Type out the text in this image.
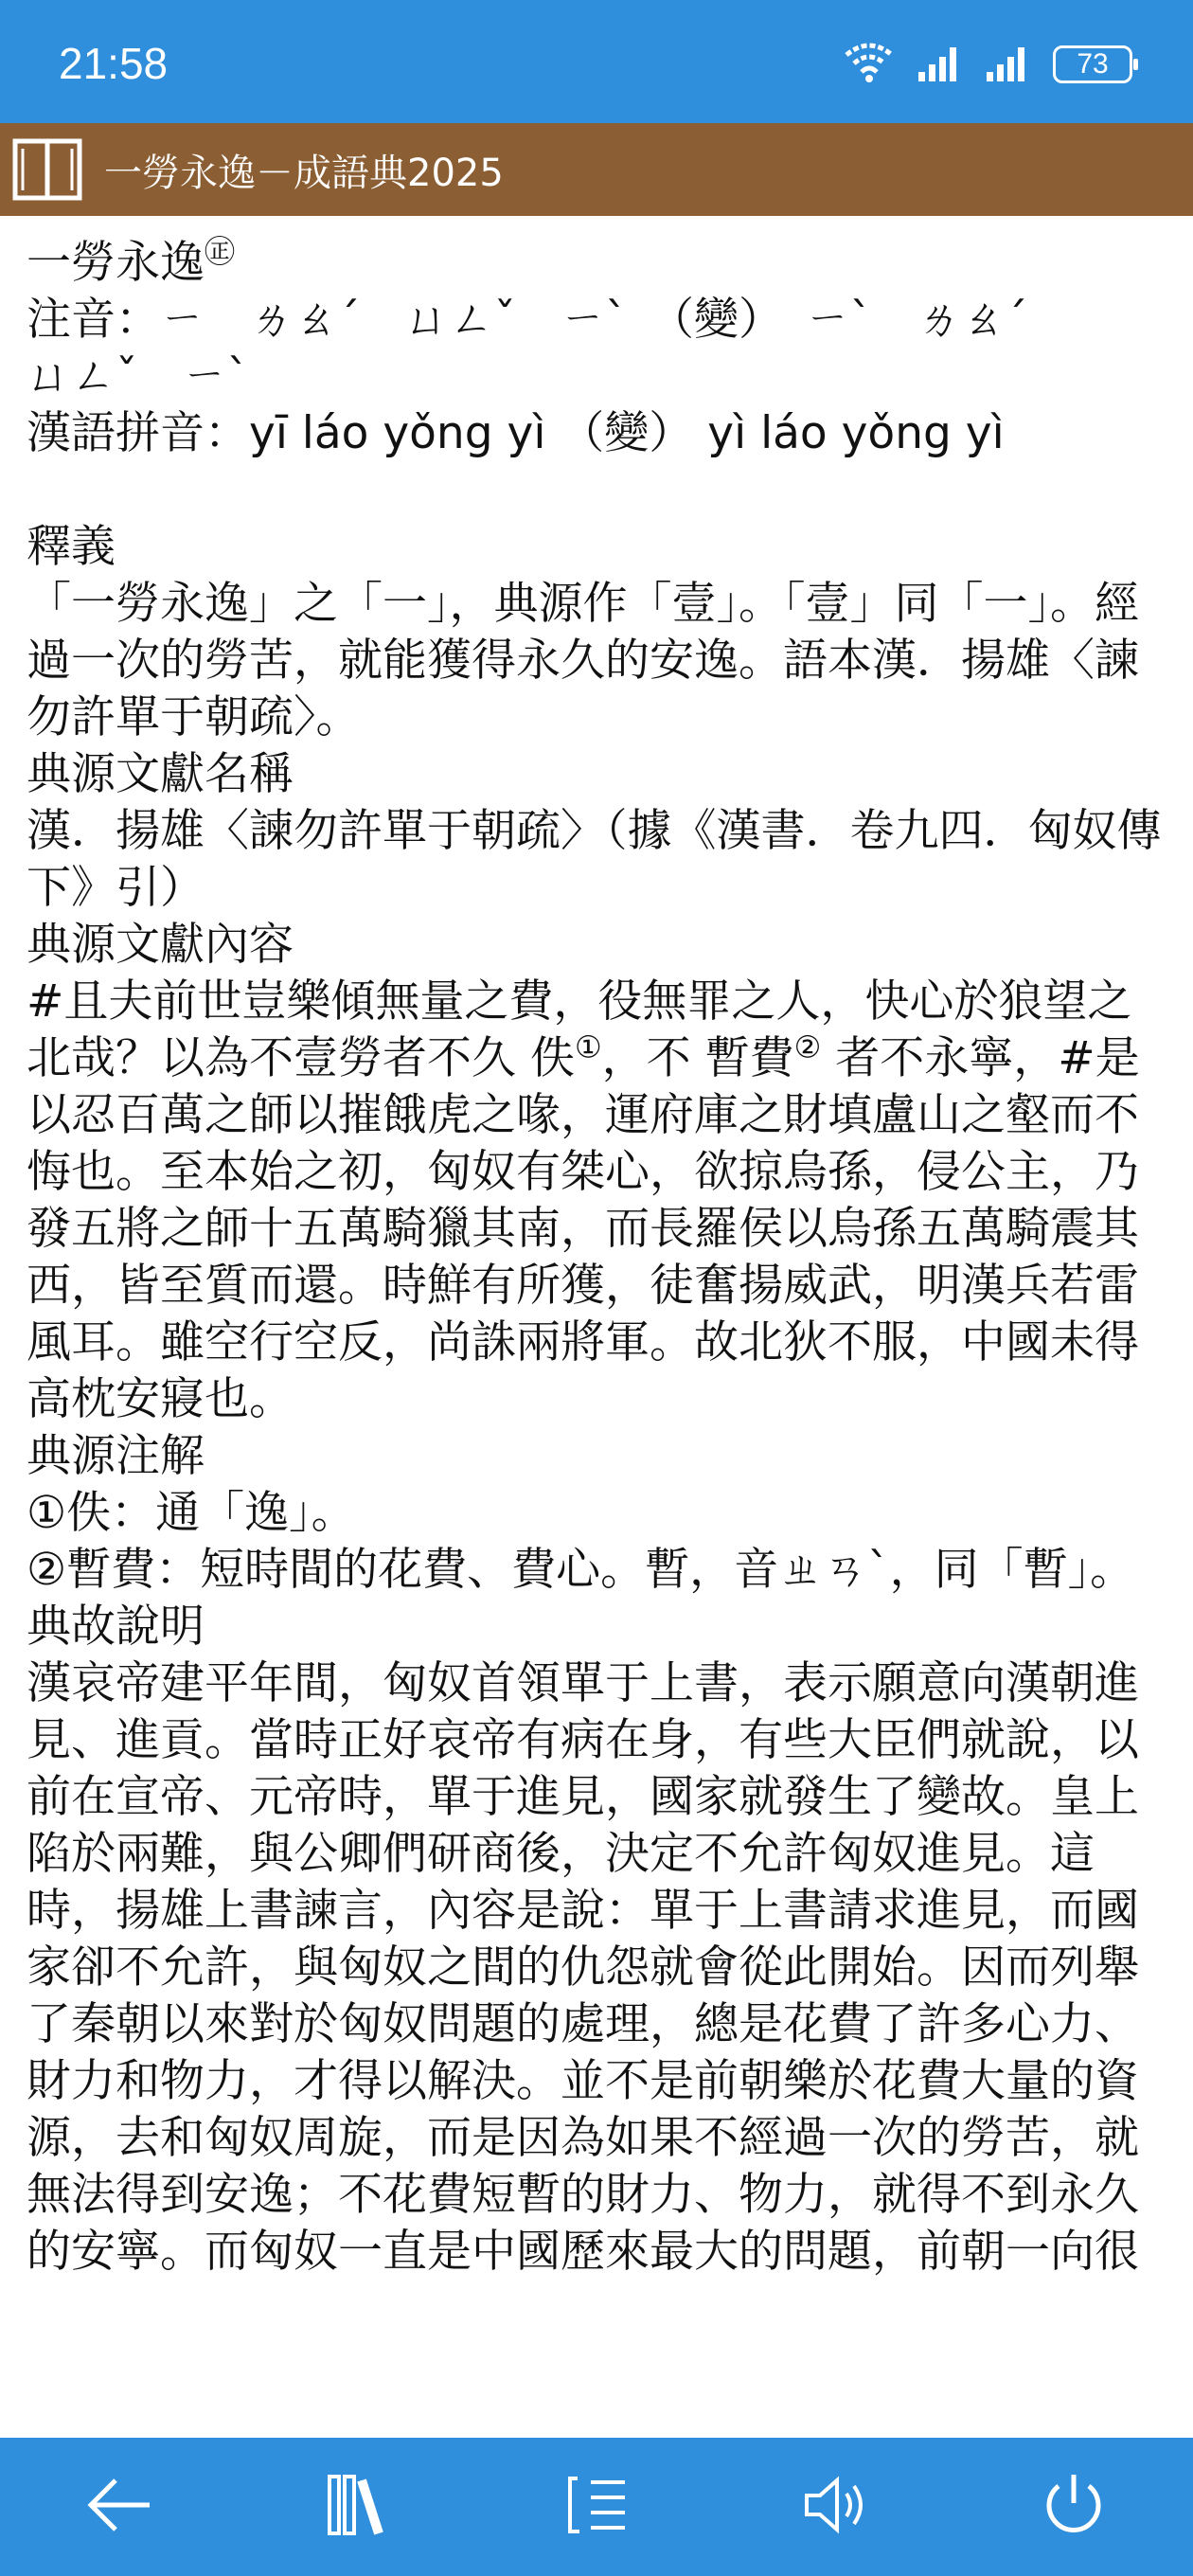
21:58	73
一勞永逸－成語典2025

一勞永逸㊣

注音：ㄧ　ㄌㄠˊ　ㄩㄥˇ　ㄧˋ　（變）　ㄧˋ　ㄌㄠˊ

ㄩㄥˇ　ㄧˋ

漢語拼音：yī láo yǒng yì （變） yì láo yǒng yì

釋義

「一勞永逸」之「一」，典源作「壹」。「壹」同「一」。經過一次的勞苦，就能獲得永久的安逸。語本漢．揚雄〈諫勿許單于朝疏〉。

典源文獻名稱

漢．揚雄〈諫勿許單于朝疏〉（據《漢書．卷九四．匈奴傳下》引）

典源文獻內容

#且夫前世豈樂傾無量之費，役無罪之人，快心於狼望之北哉？以為不壹勞者不久 佚①，不 暫費② 者不永寧，#是以忍百萬之師以摧餓虎之喙，運府庫之財填盧山之壑而不悔也。至本始之初，匈奴有桀心，欲掠烏孫，侵公主，乃發五將之師十五萬騎獵其南，而長羅侯以烏孫五萬騎震其西，皆至質而還。時鮮有所獲，徒奮揚威武，明漢兵若雷風耳。雖空行空反，尚誅兩將軍。故北狄不服，中國未得高枕安寢也。

典源注解

①佚：通「逸」。

②暫費：短時間的花費、費心。暫，音ㄓㄢˋ，同「暫」。

典故說明

漢哀帝建平年間，匈奴首領單于上書，表示願意向漢朝進見、進貢。當時正好哀帝有病在身，有些大臣們就說，以前在宣帝、元帝時，單于進見，國家就發生了變故。皇上陷於兩難，與公卿們研商後，決定不允許匈奴進見。這時，揚雄上書諫言，內容是說：單于上書請求進見，而國家卻不允許，與匈奴之間的仇怨就會從此開始。因而列舉了秦朝以來對於匈奴問題的處理，總是花費了許多心力、財力和物力，才得以解決。並不是前朝樂於花費大量的資源，去和匈奴周旋，而是因為如果不經過一次的勞苦，就無法得到安逸；不花費短暫的財力、物力，就得不到永久的安寧。而匈奴一直是中國歷來最大的問題，前朝一向很
